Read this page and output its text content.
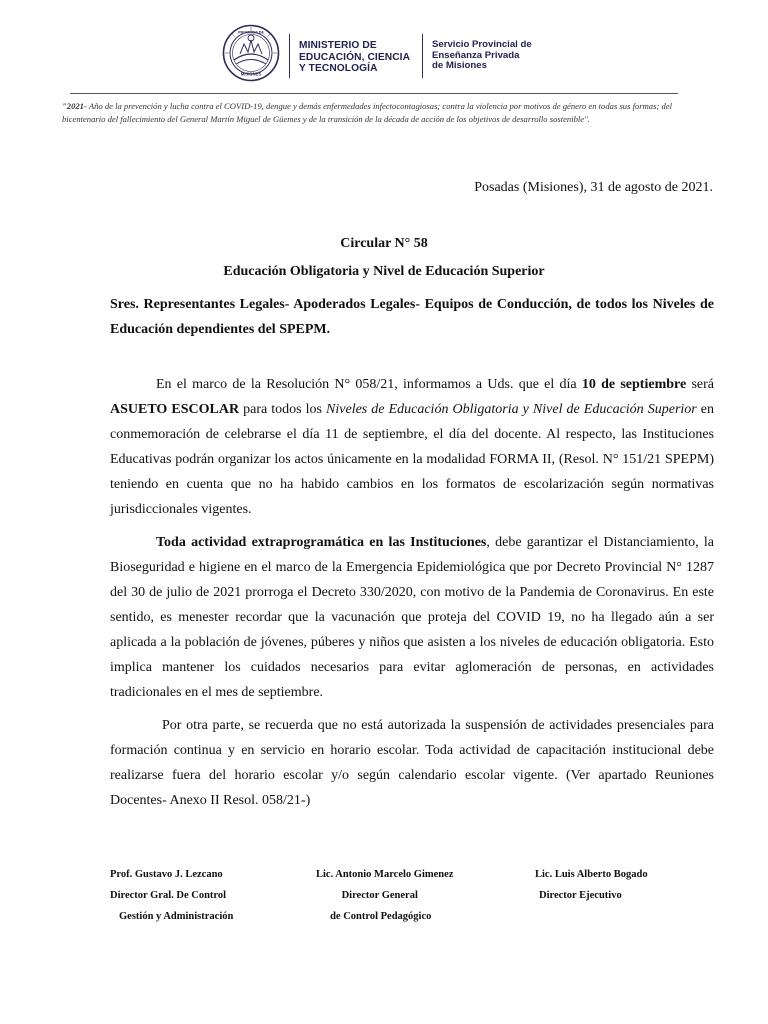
MISIONES
PROVINCIA DE
MINISTERIO DE
EDUCACIÓN, CIENCIA
Y TECNOLOGÍA
Servicio Provincial de
Enseñanza Privada
de Misiones
"2021- Año de la prevención y lucha contra el COVID-19, dengue y demás enfermedades infectocontagiosas; contra la violencia por motivos de género en todas sus formas; del bicentenario del fallecimiento del General Martín Miguel de Güemes y de la transición de la década de acción de los objetivos de desarrollo sostenible".
Posadas (Misiones), 31 de agosto de 2021.
Circular N° 58
Educación Obligatoria y Nivel de Educación Superior
Sres. Representantes Legales- Apoderados Legales- Equipos de Conducción, de todos los Niveles de Educación dependientes del SPEPM.
En el marco de la Resolución N° 058/21, informamos a Uds. que el día 10 de septiembre será ASUETO ESCOLAR para todos los Niveles de Educación Obligatoria y Nivel de Educación Superior en conmemoración de celebrarse el día 11 de septiembre, el día del docente. Al respecto, las Instituciones Educativas podrán organizar los actos únicamente en la modalidad FORMA II, (Resol. N° 151/21 SPEPM) teniendo en cuenta que no ha habido cambios en los formatos de escolarización según normativas jurisdiccionales vigentes.
Toda actividad extraprogramática en las Instituciones, debe garantizar el Distanciamiento, la Bioseguridad e higiene en el marco de la Emergencia Epidemiológica que por Decreto Provincial N° 1287 del 30 de julio de 2021 prorroga el Decreto 330/2020, con motivo de la Pandemia de Coronavirus. En este sentido, es menester recordar que la vacunación que proteja del COVID 19, no ha llegado aún a ser aplicada a la población de jóvenes, púberes y niños que asisten a los niveles de educación obligatoria. Esto implica mantener los cuidados necesarios para evitar aglomeración de personas, en actividades tradicionales en el mes de septiembre.
Por otra parte, se recuerda que no está autorizada la suspensión de actividades presenciales para formación continua y en servicio en horario escolar. Toda actividad de capacitación institucional debe realizarse fuera del horario escolar y/o según calendario escolar vigente. (Ver apartado Reuniones Docentes- Anexo II Resol. 058/21-)
Prof. Gustavo J. Lezcano
Director Gral. De Control
Gestión y Administración
Lic. Antonio Marcelo Gimenez
Director General
de Control Pedagógico
Lic. Luis Alberto Bogado
Director Ejecutivo
